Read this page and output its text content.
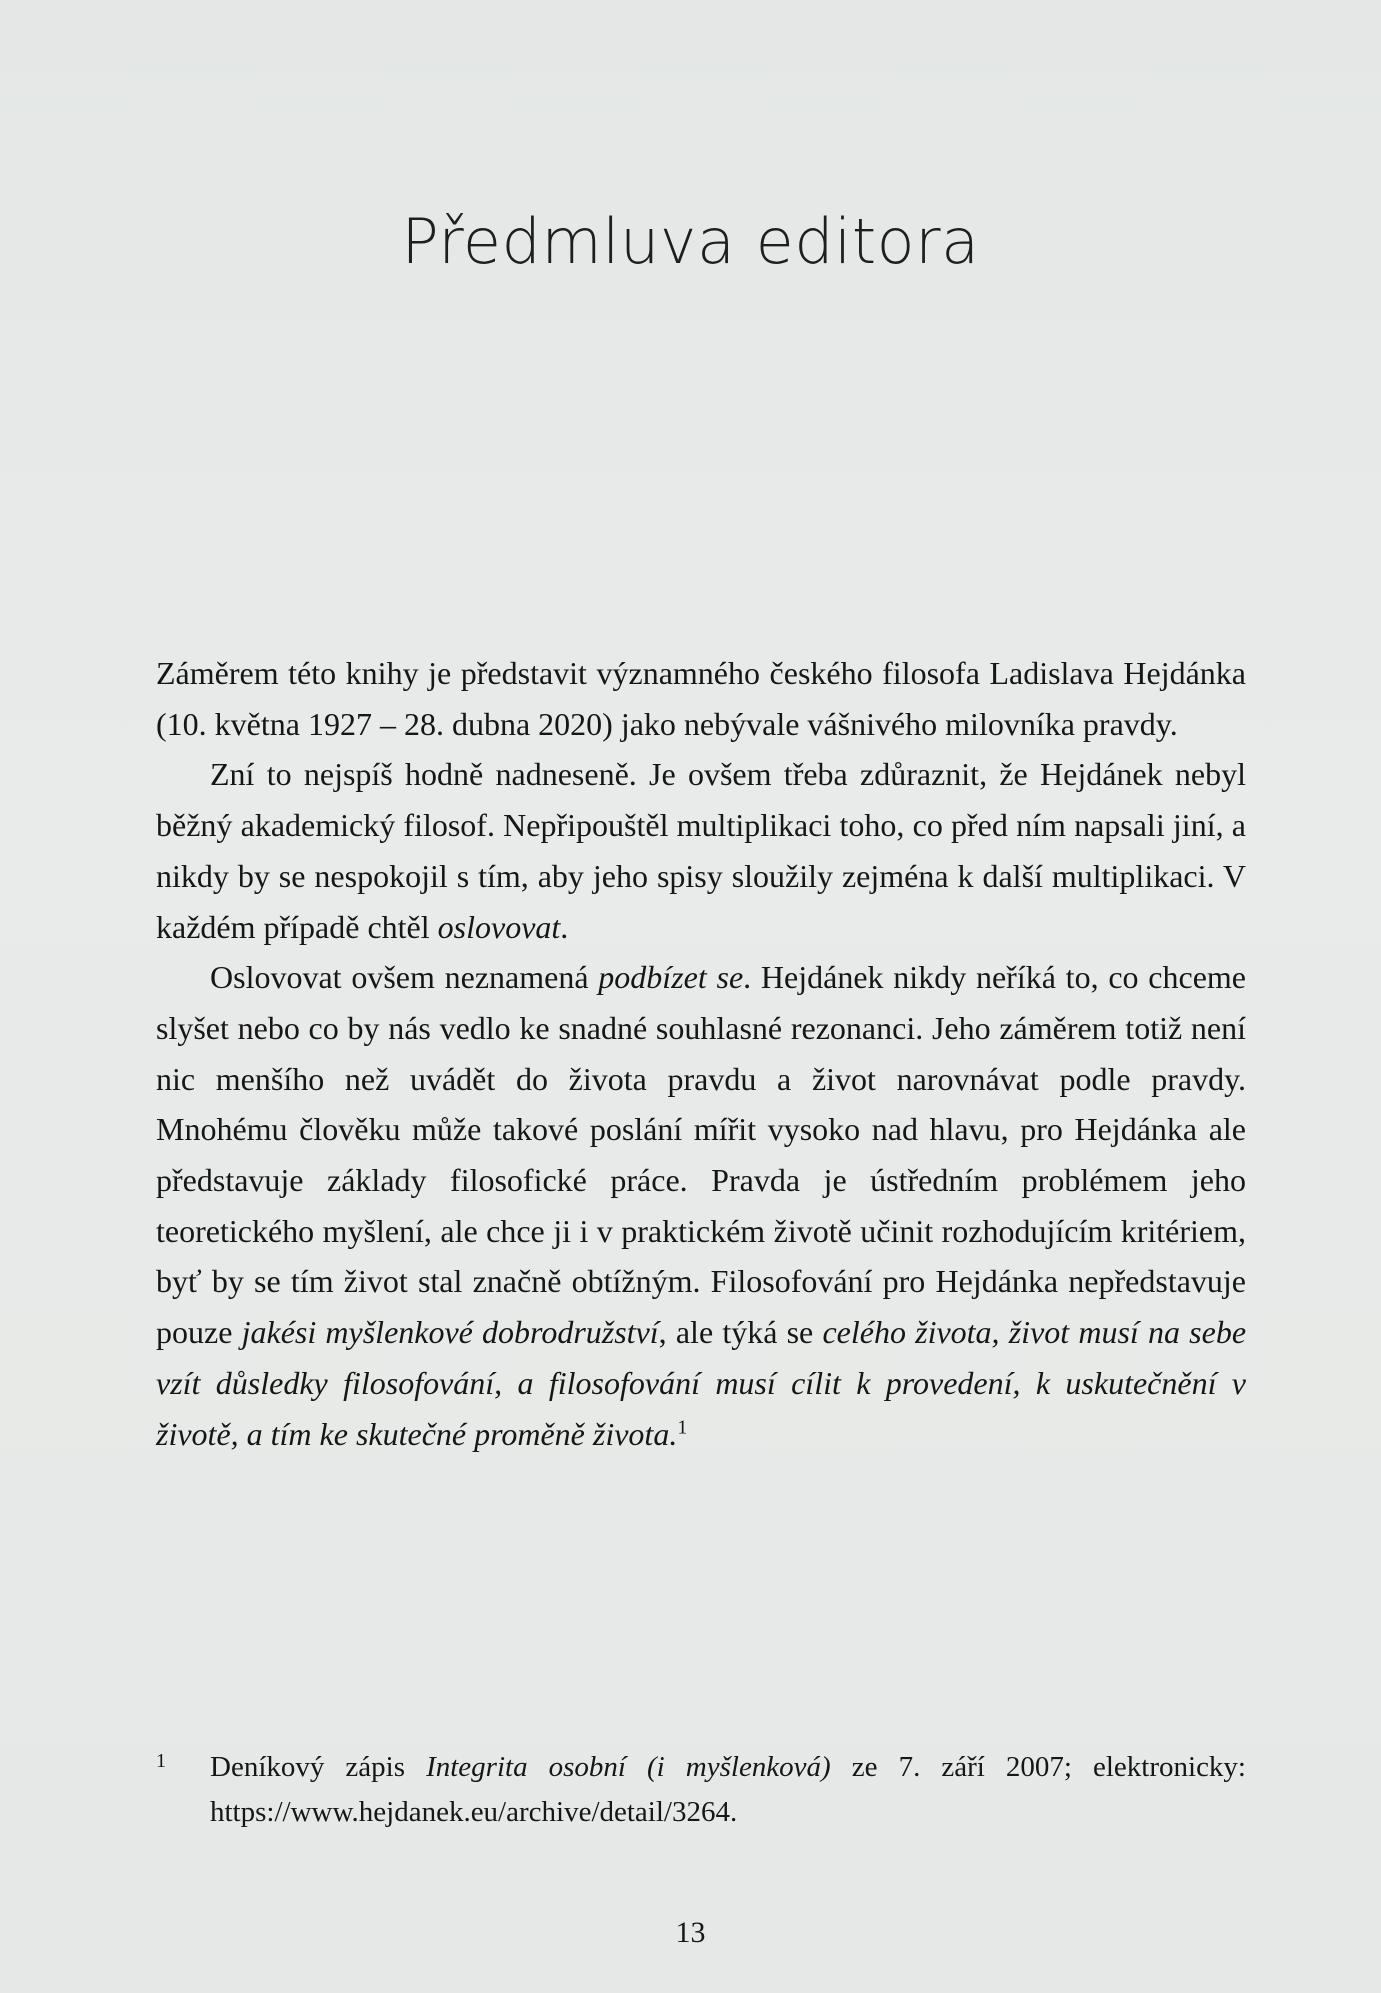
Předmluva editora

Záměrem této knihy je představit významného českého filosofa Ladislava Hejdánka (10. května 1927 – 28. dubna 2020) jako nebývale vášnivého milovníka pravdy.

Zní to nejspíš hodně nadneseně. Je ovšem třeba zdůraznit, že Hejdánek nebyl běžný akademický filosof. Nepřipouštěl multiplikaci toho, co před ním napsali jiní, a nikdy by se nespokojil s tím, aby jeho spisy sloužily zejména k další multiplikaci. V každém případě chtěl oslovovat.

Oslovovat ovšem neznamená podbízet se. Hejdánek nikdy neříká to, co chceme slyšet nebo co by nás vedlo ke snadné souhlasné rezonanci. Jeho záměrem totiž není nic menšího než uvádět do života pravdu a život narovnávat podle pravdy. Mnohému člověku může takové poslání mířit vysoko nad hlavu, pro Hejdánka ale představuje základy filosofické práce. Pravda je ústředním problémem jeho teoretického myšlení, ale chce ji i v praktickém životě učinit rozhodujícím kritériem, byť by se tím život stal značně obtížným. Filosofování pro Hejdánka nepředstavuje pouze jakési myšlenkové dobrodružství, ale týká se celého života, život musí na sebe vzít důsledky filosofování, a filosofování musí cílit k provedení, k uskutečnění v životě, a tím ke skutečné proměně života.$^1$

1 Deníkový zápis Integrita osobní (i myšlenková) ze 7. září 2007; elektronicky: https://www.hejdanek.eu/archive/detail/3264.
13
